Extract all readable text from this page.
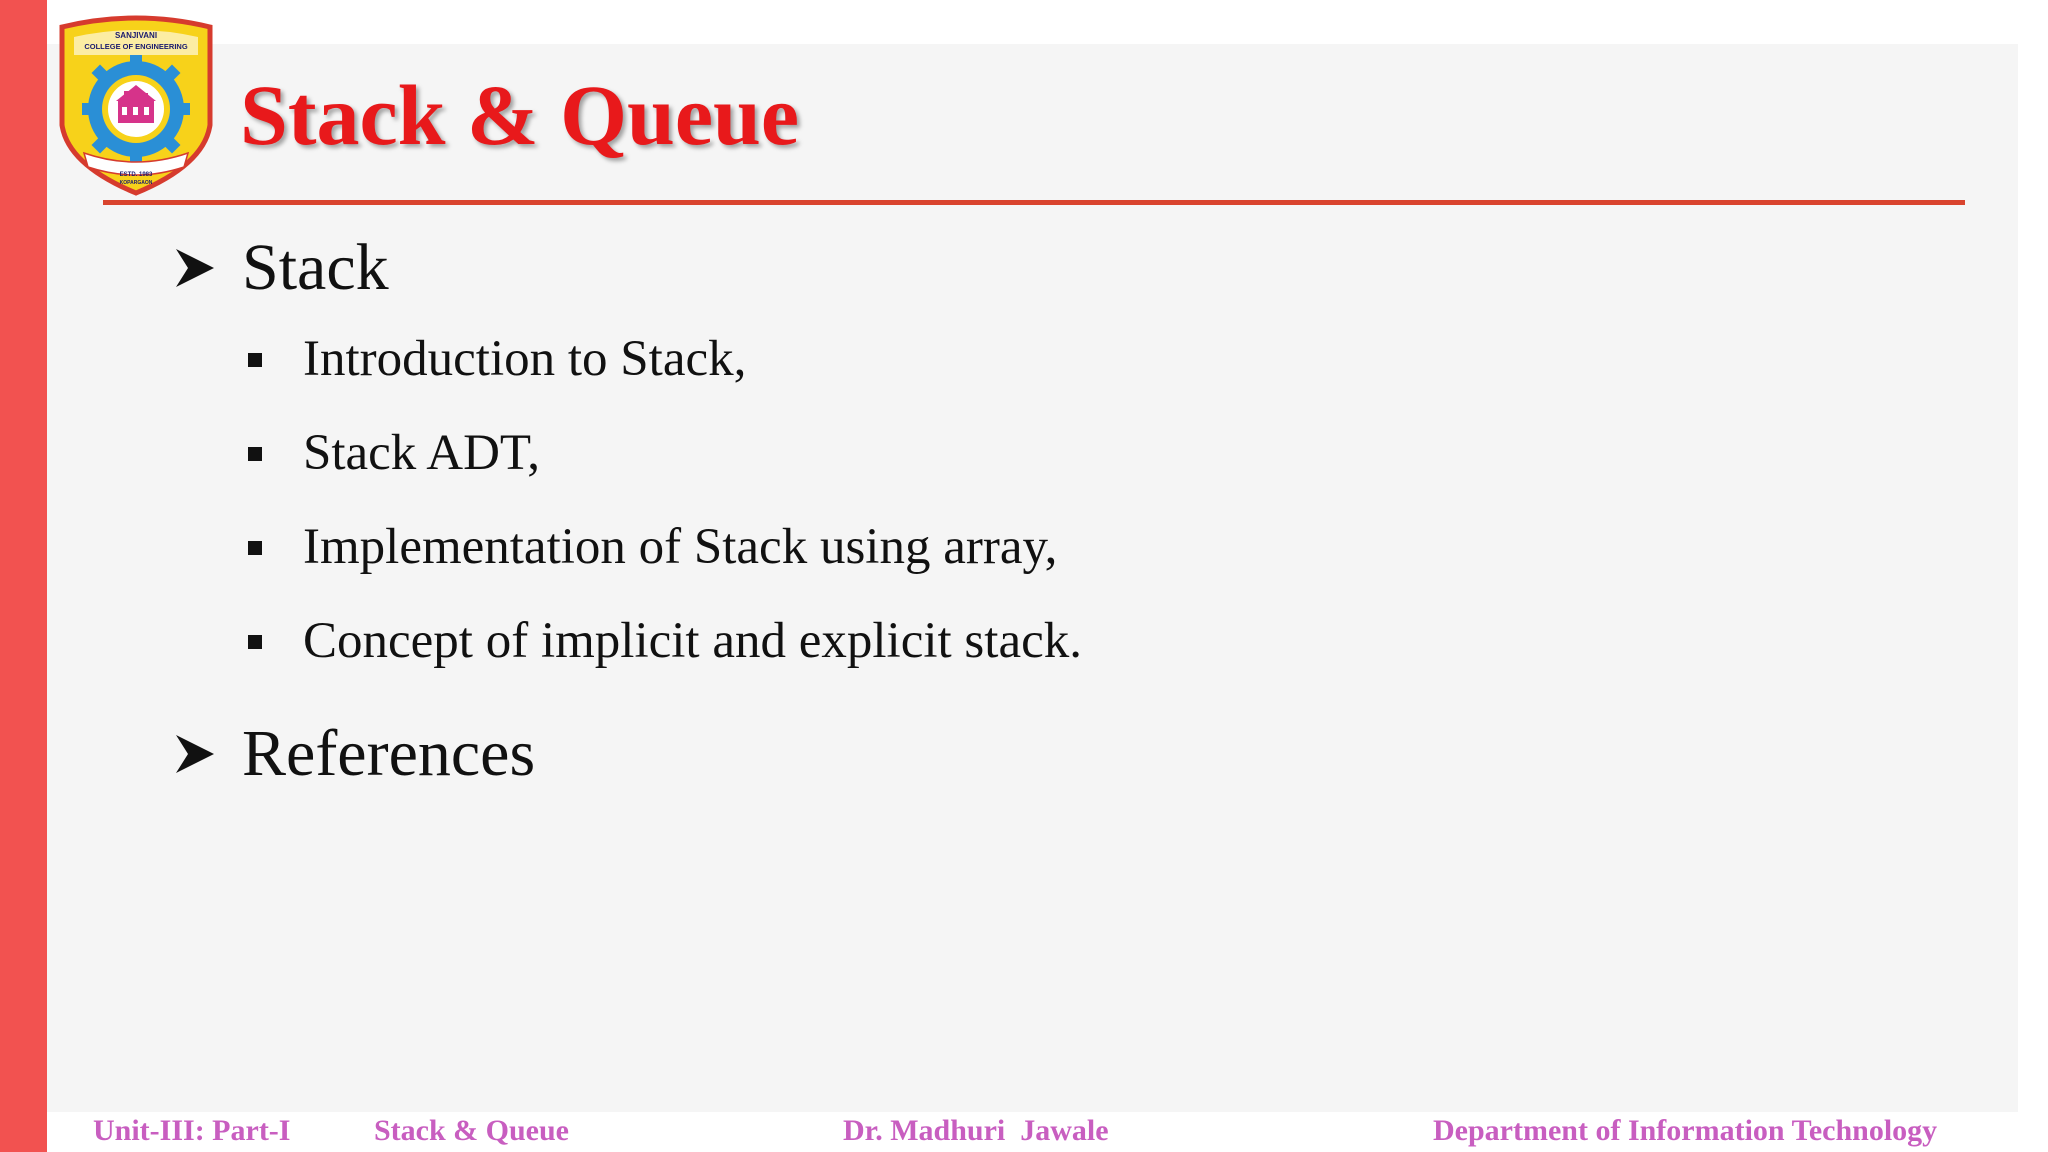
SANJIVANI
COLLEGE OF ENGINEERING
ESTD. 1983
KOPARGAON
Stack & Queue
Stack
Introduction to Stack,
Stack ADT,
Implementation of Stack using array,
Concept of implicit and explicit stack.
References
Unit-III: Part-I	Stack & Queue	Dr. Madhuri  Jawale	Department of Information Technology
